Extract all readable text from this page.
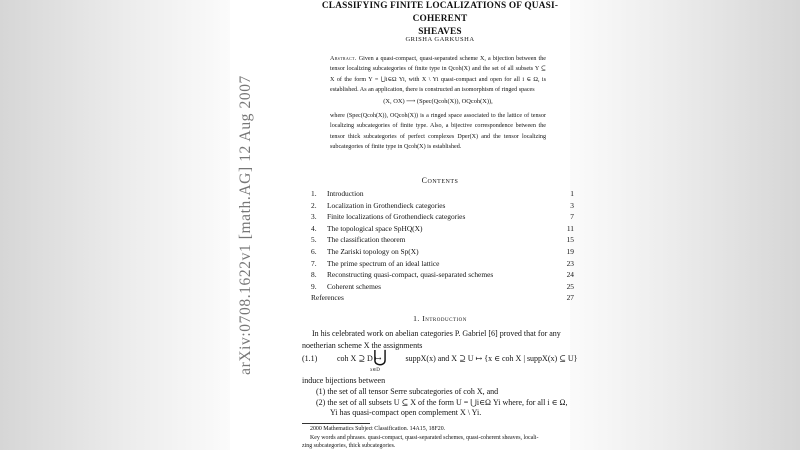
arXiv:0708.1622v1 [math.AG] 12 Aug 2007
CLASSIFYING FINITE LOCALIZATIONS OF QUASI-COHERENT
SHEAVES
GRISHA GARKUSHA
Abstract. Given a quasi-compact, quasi-separated scheme X, a bijection between the tensor localizing subcategories of finite type in Qcoh(X) and the set of all subsets Y ⊆ X of the form Y = ⋃i∈Ω Yi, with X \ Yi quasi-compact and open for all i ∈ Ω, is established. As an application, there is constructed an isomorphism of ringed spaces
(X, OX) ⟶ (Spec(Qcoh(X)), OQcoh(X)),
where (Spec(Qcoh(X)), OQcoh(X)) is a ringed space associated to the lattice of tensor localizing subcategories of finite type. Also, a bijective correspondence between the tensor thick subcategories of perfect complexes Dper(X) and the tensor localizing subcategories of finite type in Qcoh(X) is established.
Contents
1. Introduction	1
2. Localization in Grothendieck categories	3
3. Finite localizations of Grothendieck categories	7
4. The topological space SpHQ(X)	11
5. The classification theorem	15
6. The Zariski topology on Sp(X)	19
7. The prime spectrum of an ideal lattice	23
8. Reconstructing quasi-compact, quasi-separated schemes	24
9. Coherent schemes	25
References	27
1. Introduction
In his celebrated work on abelian categories P. Gabriel [6] proved that for any
noetherian scheme X the assignments
(1.1) coh X ⊇ D ↦	suppX(x) and X ⊇ U ↦ {x ∈ coh X | suppX(x) ⊆ U}
⋃
x∈D
induce bijections between
(1) the set of all tensor Serre subcategories of coh X, and
(2) the set of all subsets U ⊆ X of the form U = ⋃i∈Ω Yi where, for all i ∈ Ω,
Yi has quasi-compact open complement X \ Yi.
2000 Mathematics Subject Classification. 14A15, 18F20.
Key words and phrases. quasi-compact, quasi-separated schemes, quasi-coherent sheaves, locali-
zing subcategories, thick subcategories.
